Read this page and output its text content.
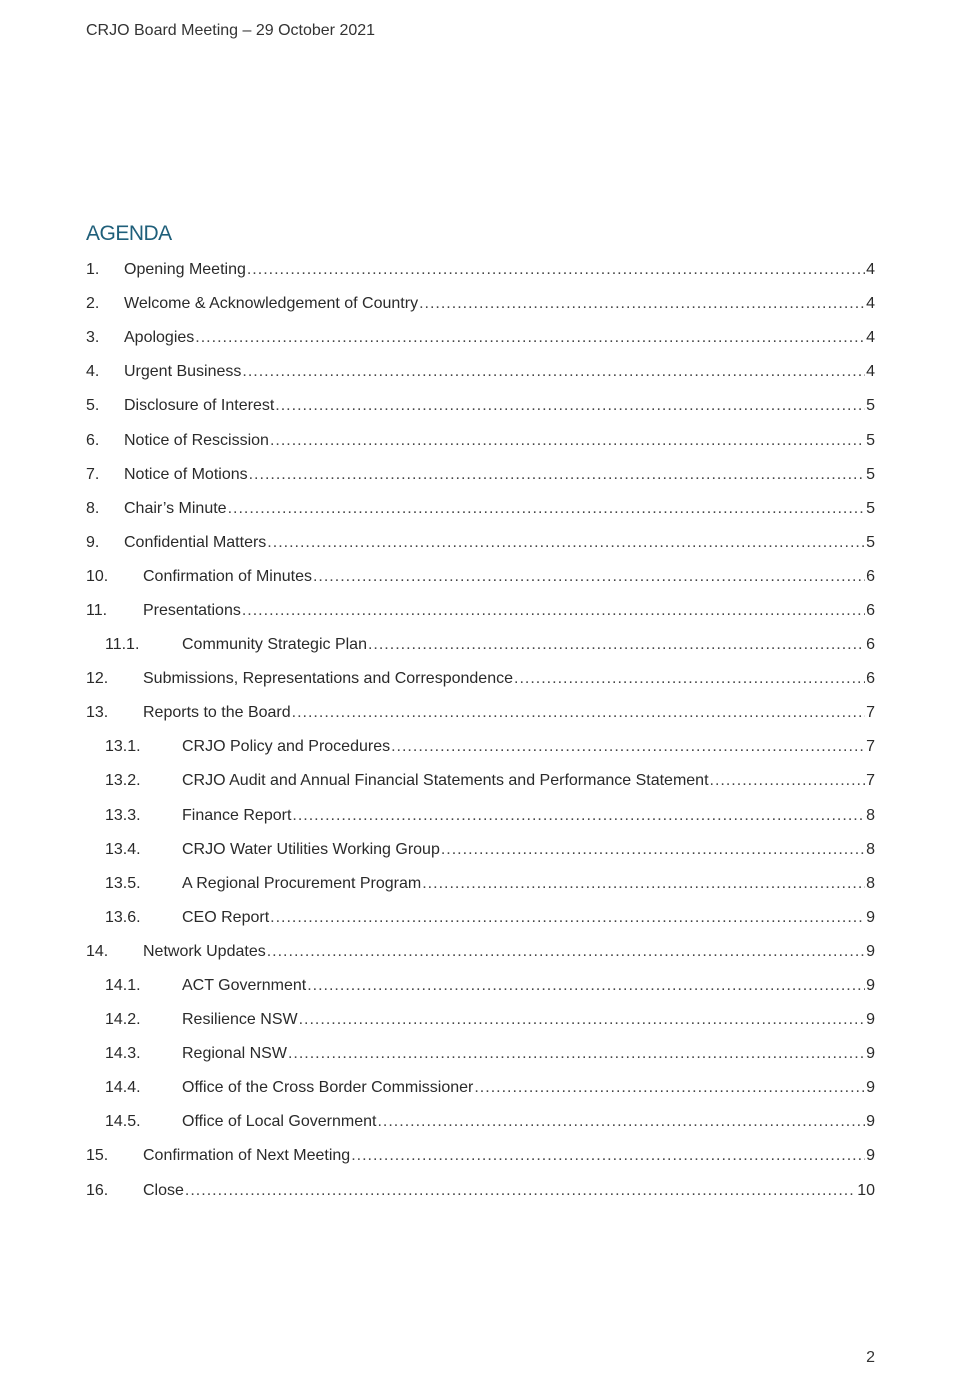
CRJO Board Meeting – 29 October 2021
AGENDA
1.	Opening Meeting .....	4
2.	Welcome & Acknowledgement of Country .....	4
3.	Apologies .....	4
4.	Urgent Business .....	4
5.	Disclosure of Interest .....	5
6.	Notice of Rescission .....	5
7.	Notice of Motions .....	5
8.	Chair’s Minute .....	5
9.	Confidential Matters .....	5
10.	Confirmation of Minutes .....	6
11.	Presentations .....	6
11.1.	Community Strategic Plan .....	6
12.	Submissions, Representations and Correspondence .....	6
13.	Reports to the Board .....	7
13.1.	CRJO Policy and Procedures .....	7
13.2.	CRJO Audit and Annual Financial Statements and Performance Statement .....	7
13.3.	Finance Report .....	8
13.4.	CRJO Water Utilities Working Group .....	8
13.5.	A Regional Procurement Program .....	8
13.6.	CEO Report .....	9
14.	Network Updates .....	9
14.1.	ACT Government .....	9
14.2.	Resilience NSW .....	9
14.3.	Regional NSW .....	9
14.4.	Office of the Cross Border Commissioner .....	9
14.5.	Office of Local Government .....	9
15.	Confirmation of Next Meeting .....	9
16.	Close .....	10
2
